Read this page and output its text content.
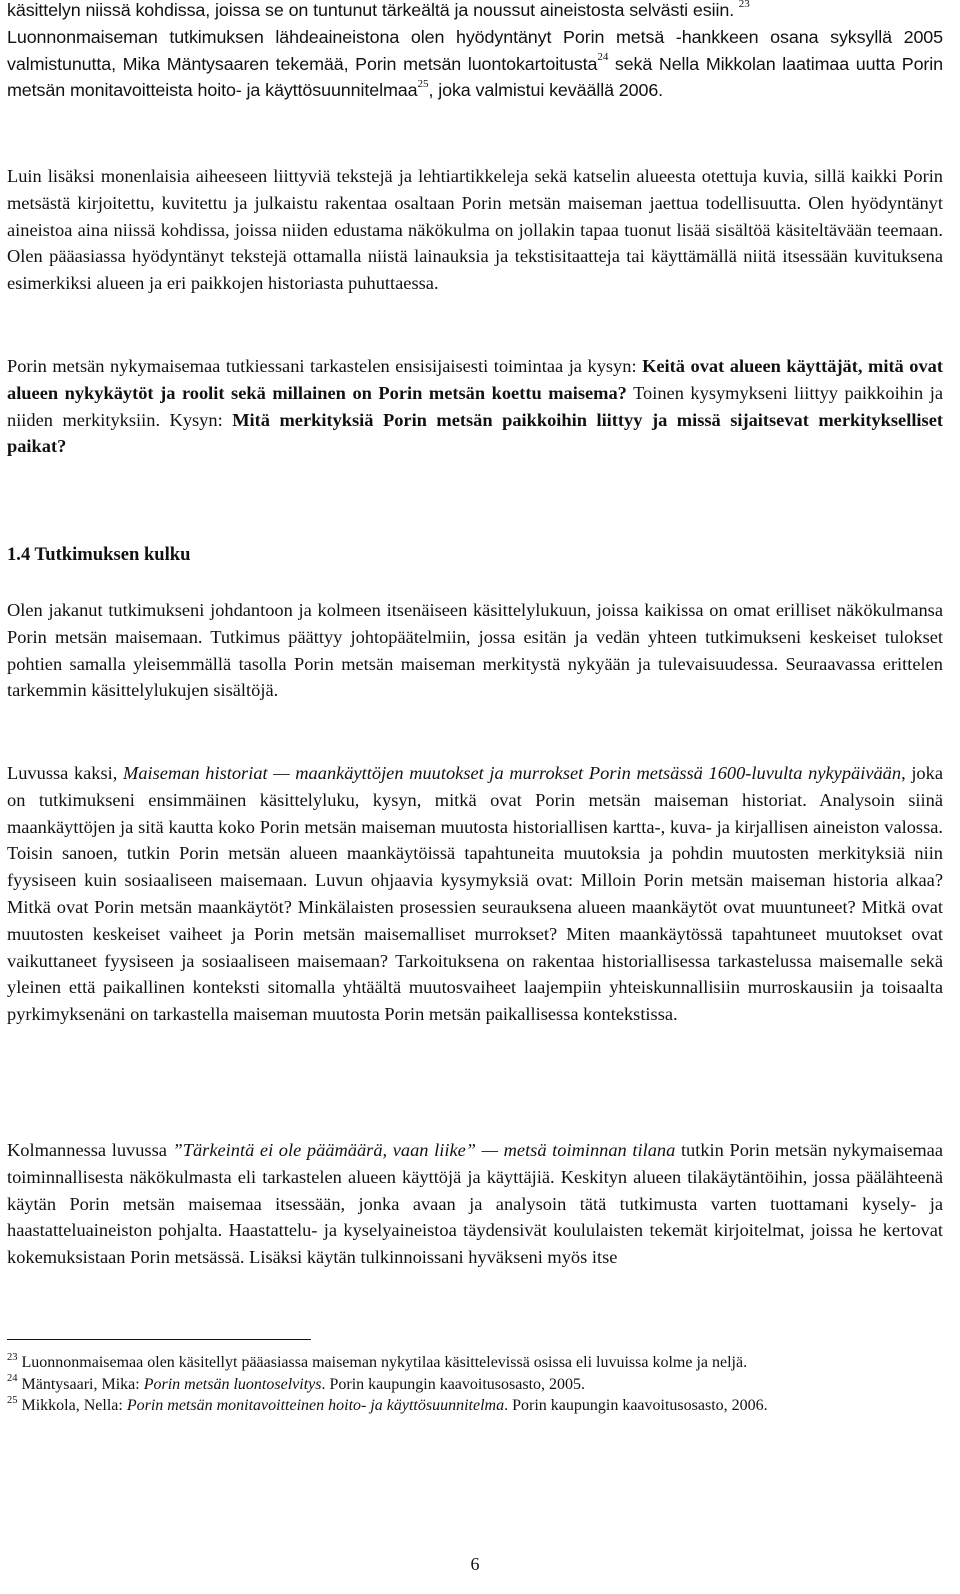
käsittelyn niissä kohdissa, joissa se on tuntunut tärkeältä ja noussut aineistosta selvästi esiin. $^{23}$
Luonnonmaiseman tutkimuksen lähdeaineistona olen hyödyntänyt Porin metsä -hankkeen osana syksyllä 2005 valmistunutta, Mika Mäntysaaren tekemää, Porin metsän luontokartoitusta$^{24}$ sekä Nella Mikkolan laatimaa uutta Porin metsän monitavoitteista hoito- ja käyttösuunnitelmaa$^{25}$, joka valmistui keväällä 2006.

Luin lisäksi monenlaisia aiheeseen liittyviä tekstejä ja lehtiartikkeleja sekä katselin alueesta otettuja kuvia, sillä kaikki Porin metsästä kirjoitettu, kuvitettu ja julkaistu rakentaa osaltaan Porin metsän maiseman jaettua todellisuutta. Olen hyödyntänyt aineistoa aina niissä kohdissa, joissa niiden edustama näkökulma on jollakin tapaa tuonut lisää sisältöä käsiteltävään teemaan. Olen pääasiassa hyödyntänyt tekstejä ottamalla niistä lainauksia ja tekstisitaatteja tai käyttämällä niitä itsessään kuvituksena esimerkiksi alueen ja eri paikkojen historiasta puhuttaessa.

Porin metsän nykymaisemaa tutkiessani tarkastelen ensisijaisesti toimintaa ja kysyn: Keitä ovat alueen käyttäjät, mitä ovat alueen nykykäytöt ja roolit sekä millainen on Porin metsän koettu maisema? Toinen kysymykseni liittyy paikkoihin ja niiden merkityksiin. Kysyn: Mitä merkityksiä Porin metsän paikkoihin liittyy ja missä sijaitsevat merkitykselliset paikat?

1.4 Tutkimuksen kulku

Olen jakanut tutkimukseni johdantoon ja kolmeen itsenäiseen käsittelylukuun, joissa kaikissa on omat erilliset näkökulmansa Porin metsän maisemaan. Tutkimus päättyy johtopäätelmiin, jossa esitän ja vedän yhteen tutkimukseni keskeiset tulokset pohtien samalla yleisemmällä tasolla Porin metsän maiseman merkitystä nykyään ja tulevaisuudessa. Seuraavassa erittelen tarkemmin käsittelylukujen sisältöjä.

Luvussa kaksi, Maiseman historiat — maankäyttöjen muutokset ja murrokset Porin metsässä 1600-luvulta nykypäivään, joka on tutkimukseni ensimmäinen käsittelyluku, kysyn, mitkä ovat Porin metsän maiseman historiat. Analysoin siinä maankäyttöjen ja sitä kautta koko Porin metsän maiseman muutosta historiallisen kartta-, kuva- ja kirjallisen aineiston valossa. Toisin sanoen, tutkin Porin metsän alueen maankäytöissä tapahtuneita muutoksia ja pohdin muutosten merkityksiä niin fyysiseen kuin sosiaaliseen maisemaan. Luvun ohjaavia kysymyksiä ovat: Milloin Porin metsän maiseman historia alkaa? Mitkä ovat Porin metsän maankäytöt? Minkälaisten prosessien seurauksena alueen maankäytöt ovat muuntuneet? Mitkä ovat muutosten keskeiset vaiheet ja Porin metsän maisemalliset murrokset? Miten maankäytössä tapahtuneet muutokset ovat vaikuttaneet fyysiseen ja sosiaaliseen maisemaan? Tarkoituksena on rakentaa historiallisessa tarkastelussa maisemalle sekä yleinen että paikallinen konteksti sitomalla yhtäältä muutosvaiheet laajempiin yhteiskunnallisiin murroskausiin ja toisaalta pyrkimyksenäni on tarkastella maiseman muutosta Porin metsän paikallisessa kontekstissa.

Kolmannessa luvussa ”Tärkeintä ei ole päämäärä, vaan liike” — metsä toiminnan tilana tutkin Porin metsän nykymaisemaa toiminnallisesta näkökulmasta eli tarkastelen alueen käyttöjä ja käyttäjiä. Keskityn alueen tilakäytäntöihin, jossa päälähteenä käytän Porin metsän maisemaa itsessään, jonka avaan ja analysoin tätä tutkimusta varten tuottamani kysely- ja haastatteluaineiston pohjalta. Haastattelu- ja kyselyaineistoa täydensivät koululaisten tekemät kirjoitelmat, joissa he kertovat kokemuksistaan Porin metsässä. Lisäksi käytän tulkinnoissani hyväkseni myös itse

$^{23}$ Luonnonmaisemaa olen käsitellyt pääasiassa maiseman nykytilaa käsittelevissä osissa eli luvuissa kolme ja neljä.

$^{24}$ Mäntysaari, Mika: Porin metsän luontoselvitys. Porin kaupungin kaavoitusosasto, 2005.

$^{25}$ Mikkola, Nella: Porin metsän monitavoitteinen hoito- ja käyttösuunnitelma. Porin kaupungin kaavoitusosasto, 2006.

6
